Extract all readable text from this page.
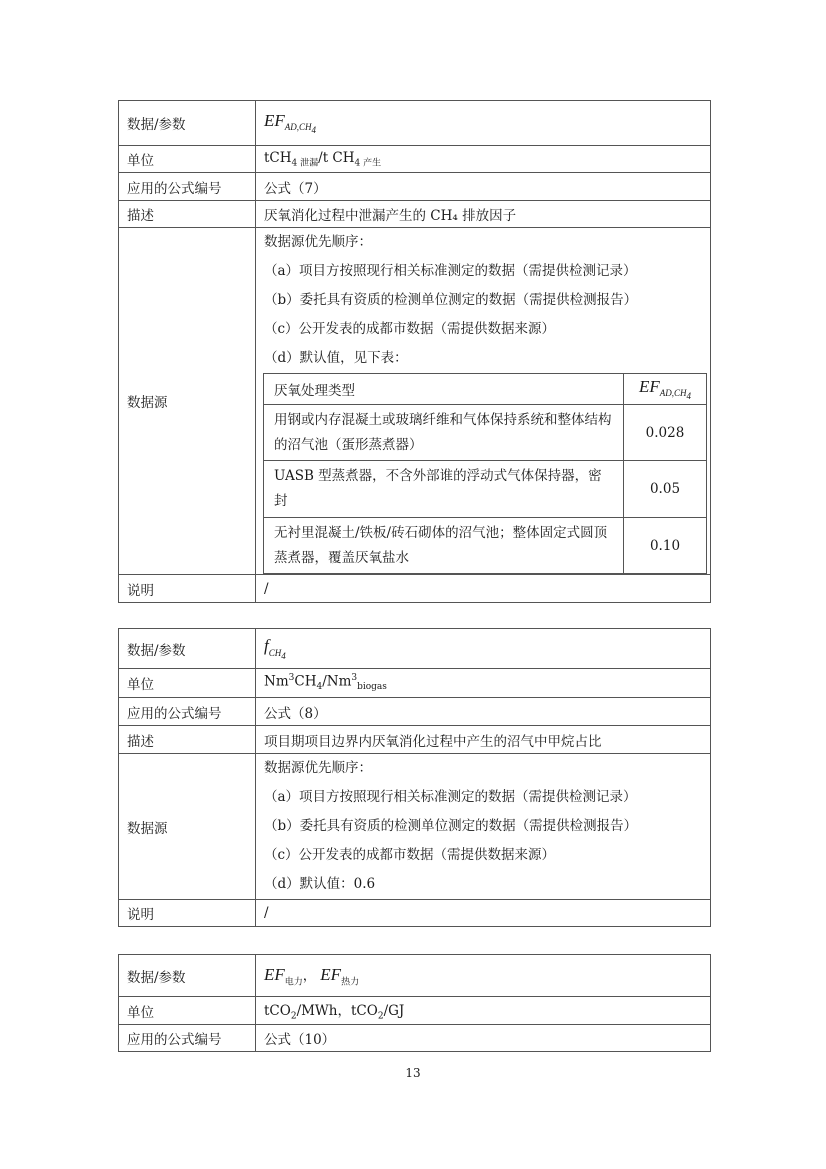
数据/参数	$EF_{AD,CH_4}$
单位	tCH$_4$ $_{泄漏}$/t $CH_4$ $_{产生}$
应用的公式编号	公式（7）
描述	厌氧消化过程中泄漏产生的 CH₄ 排放因子
数据源	
数据源优先顺序：
（a）项目方按照现行相关标准测定的数据（需提供检测记录）
（b）委托具有资质的检测单位测定的数据（需提供检测报告）
（c）公开发表的成都市数据（需提供数据来源）
（d）默认值，见下表：
厌氧处理类型	$EF_{AD,CH_4}$
用钢或内存混凝土或玻璃纤维和气体保持系统和整体结构的沼气池（蛋形蒸煮器）	0.028
UASB 型蒸煮器，不含外部谁的浮动式气体保持器，密封	0.05
无衬里混凝土/铁板/砖石砌体的沼气池；整体固定式圆顶蒸煮器，覆盖厌氧盐水	0.10

说明	/
数据/参数	$f_{CH_4}$
单位	$Nm^3CH_4/Nm^3_{biogas}$
应用的公式编号	公式（8）
描述	项目期项目边界内厌氧消化过程中产生的沼气中甲烷占比
数据源	数据源优先顺序：
（a）项目方按照现行相关标准测定的数据（需提供检测记录）
（b）委托具有资质的检测单位测定的数据（需提供检测报告）
（c）公开发表的成都市数据（需提供数据来源）
（d）默认值：0.6

说明	/
数据/参数	$EF_{电力}$， $EF_{热力}$
单位	tCO$_2$/MWh，tCO$_2$/GJ
应用的公式编号	公式（10）
13
